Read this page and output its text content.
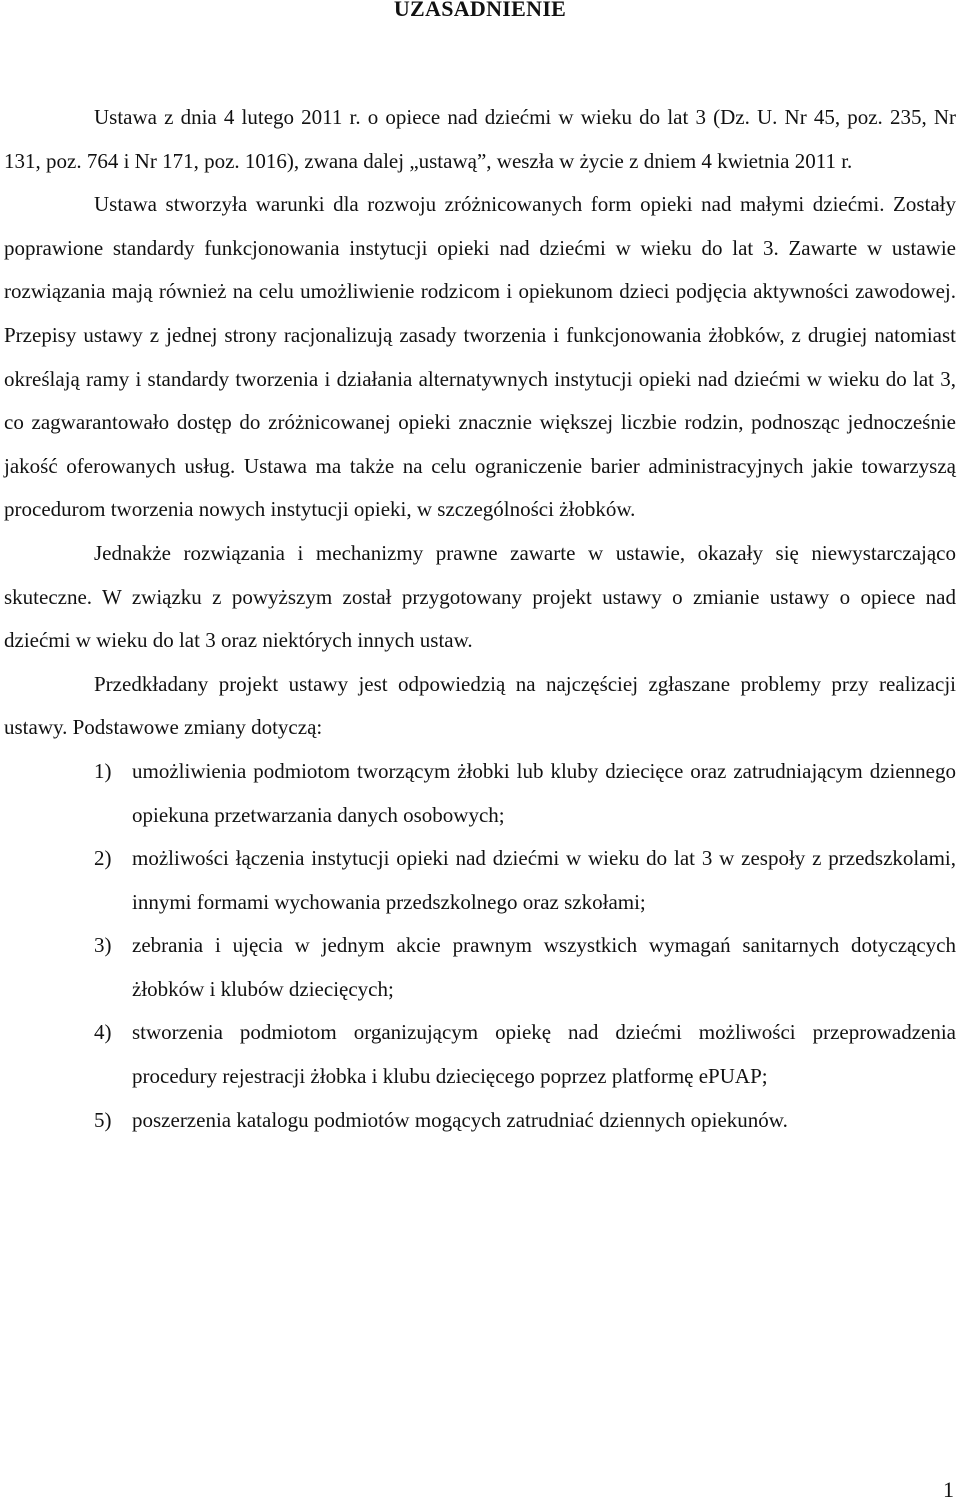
UZASADNIENIE

Ustawa z dnia 4 lutego 2011 r. o opiece nad dziećmi w wieku do lat 3 (Dz. U. Nr 45, poz. 235, Nr 131, poz. 764 i Nr 171, poz. 1016), zwana dalej „ustawą”, weszła w życie z dniem 4 kwietnia 2011 r.

Ustawa stworzyła warunki dla rozwoju zróżnicowanych form opieki nad małymi dziećmi. Zostały poprawione standardy funkcjonowania instytucji opieki nad dziećmi w wieku do lat 3. Zawarte w ustawie rozwiązania mają również na celu umożliwienie rodzicom i opiekunom dzieci podjęcia aktywności zawodowej. Przepisy ustawy z jednej strony racjonalizują zasady tworzenia i funkcjonowania żłobków, z drugiej natomiast określają ramy i standardy tworzenia i działania alternatywnych instytucji opieki nad dziećmi w wieku do lat 3, co zagwarantowało dostęp do zróżnicowanej opieki znacznie większej liczbie rodzin, podnosząc jednocześnie jakość oferowanych usług. Ustawa ma także na celu ograniczenie barier administracyjnych jakie towarzyszą procedurom tworzenia nowych instytucji opieki, w szczególności żłobków.

Jednakże rozwiązania i mechanizmy prawne zawarte w ustawie, okazały się niewystarczająco skuteczne. W związku z powyższym został przygotowany projekt ustawy o zmianie ustawy o opiece nad dziećmi w wieku do lat 3 oraz niektórych innych ustaw.

Przedkładany projekt ustawy jest odpowiedzią na najczęściej zgłaszane problemy przy realizacji ustawy. Podstawowe zmiany dotyczą:

1) umożliwienia podmiotom tworzącym żłobki lub kluby dziecięce oraz zatrudniającym dziennego opiekuna przetwarzania danych osobowych;
2) możliwości łączenia instytucji opieki nad dziećmi w wieku do lat 3 w zespoły z przedszkolami, innymi formami wychowania przedszkolnego oraz szkołami;
3) zebrania i ujęcia w jednym akcie prawnym wszystkich wymagań sanitarnych dotyczących żłobków i klubów dziecięcych;
4) stworzenia podmiotom organizującym opiekę nad dziećmi możliwości przeprowadzenia procedury rejestracji żłobka i klubu dziecięcego poprzez platformę ePUAP;
5) poszerzenia katalogu podmiotów mogących zatrudniać dziennych opiekunów.
1
